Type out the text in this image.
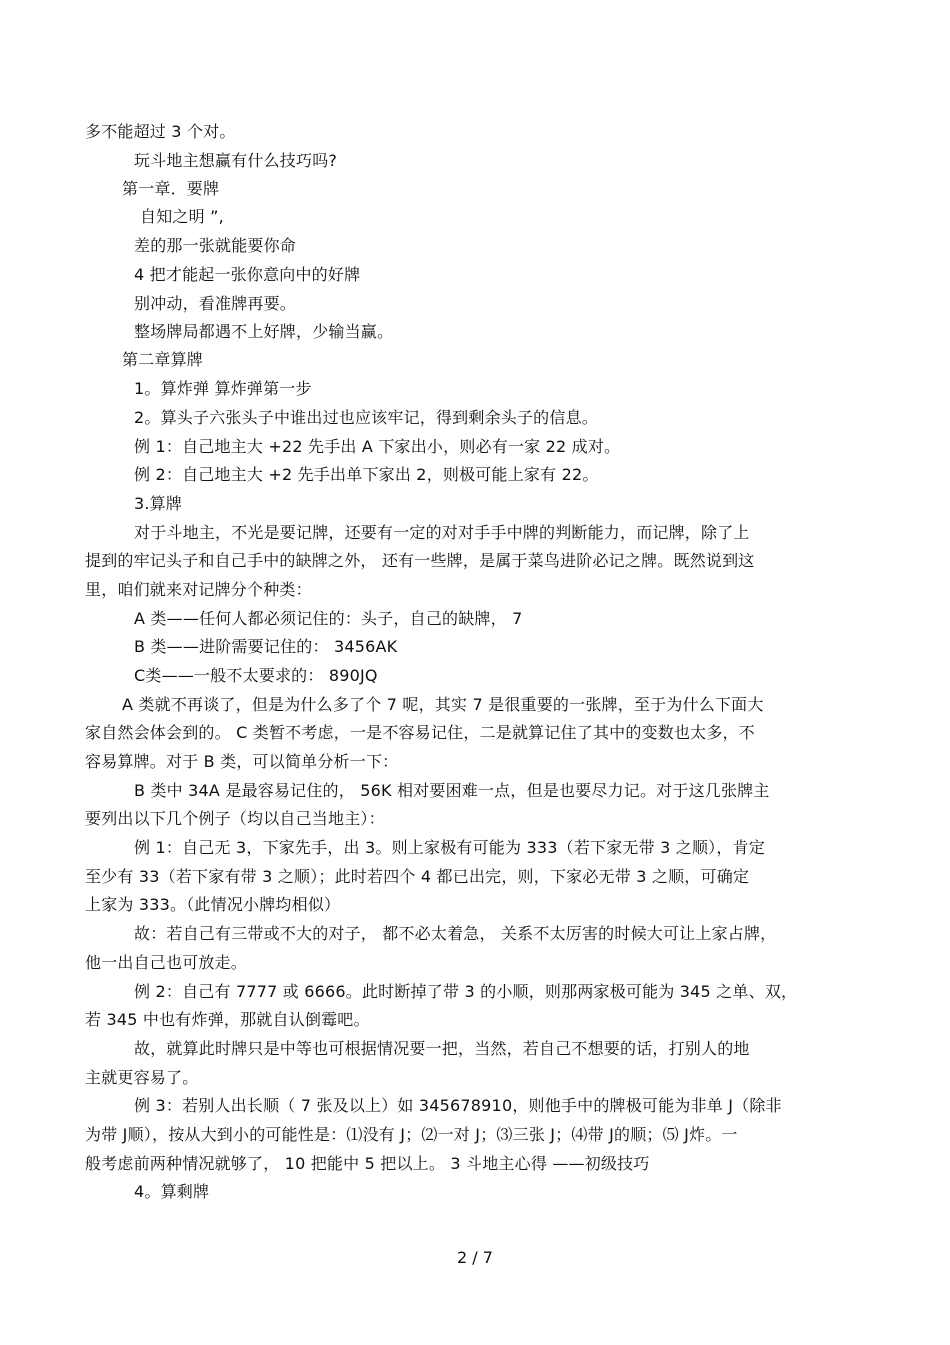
多不能超过 3 个对。
玩斗地主想赢有什么技巧吗?
第一章．要牌
自知之明 ”,
差的那一张就能要你命
4 把才能起一张你意向中的好牌
别冲动，看准牌再要。
整场牌局都遇不上好牌，少输当赢。
第二章算牌
1。算炸弹 算炸弹第一步
2。算头子六张头子中谁出过也应该牢记，得到剩余头子的信息。
例 1：自己地主大 +22 先手出 A 下家出小，则必有一家 22 成对。
例 2：自己地主大 +2 先手出单下家出 2，则极可能上家有 22。
3.算牌
对于斗地主，不光是要记牌，还要有一定的对对手手中牌的判断能力，而记牌，除了上
提到的牢记头子和自己手中的缺牌之外， 还有一些牌，是属于菜鸟进阶必记之牌。既然说到这
里，咱们就来对记牌分个种类：
A 类——任何人都必须记住的：头子，自己的缺牌， 7
B 类——进阶需要记住的： 3456AK
C类——一般不太要求的： 890JQ
A 类就不再谈了，但是为什么多了个 7 呢，其实 7 是很重要的一张牌，至于为什么下面大
家自然会体会到的。 C 类暂不考虑，一是不容易记住，二是就算记住了其中的变数也太多，不
容易算牌。对于 B 类，可以简单分析一下：
B 类中 34A 是最容易记住的， 56K 相对要困难一点，但是也要尽力记。对于这几张牌主
要列出以下几个例子（均以自己当地主）：
例 1：自己无 3，下家先手，出 3。则上家极有可能为 333（若下家无带 3 之顺），肯定
至少有 33（若下家有带 3 之顺）；此时若四个 4 都已出完，则，下家必无带 3 之顺，可确定
上家为 333。（此情况小牌均相似）
故：若自己有三带或不大的对子， 都不必太着急， 关系不太厉害的时候大可让上家占牌，
他一出自己也可放走。
例 2：自己有 7777 或 6666。此时断掉了带 3 的小顺，则那两家极可能为 345 之单、双，
若 345 中也有炸弹，那就自认倒霉吧。
故，就算此时牌只是中等也可根据情况要一把，当然，若自己不想要的话，打别人的地
主就更容易了。
例 3：若别人出长顺（ 7 张及以上）如 345678910，则他手中的牌极可能为非单 J（除非
为带 J顺），按从大到小的可能性是：⑴没有 J；⑵一对 J；⑶三张 J；⑷带 J的顺；⑸ J炸。一
般考虑前两种情况就够了， 10 把能中 5 把以上。 3 斗地主心得 ——初级技巧
4。算剩牌
2 / 7
